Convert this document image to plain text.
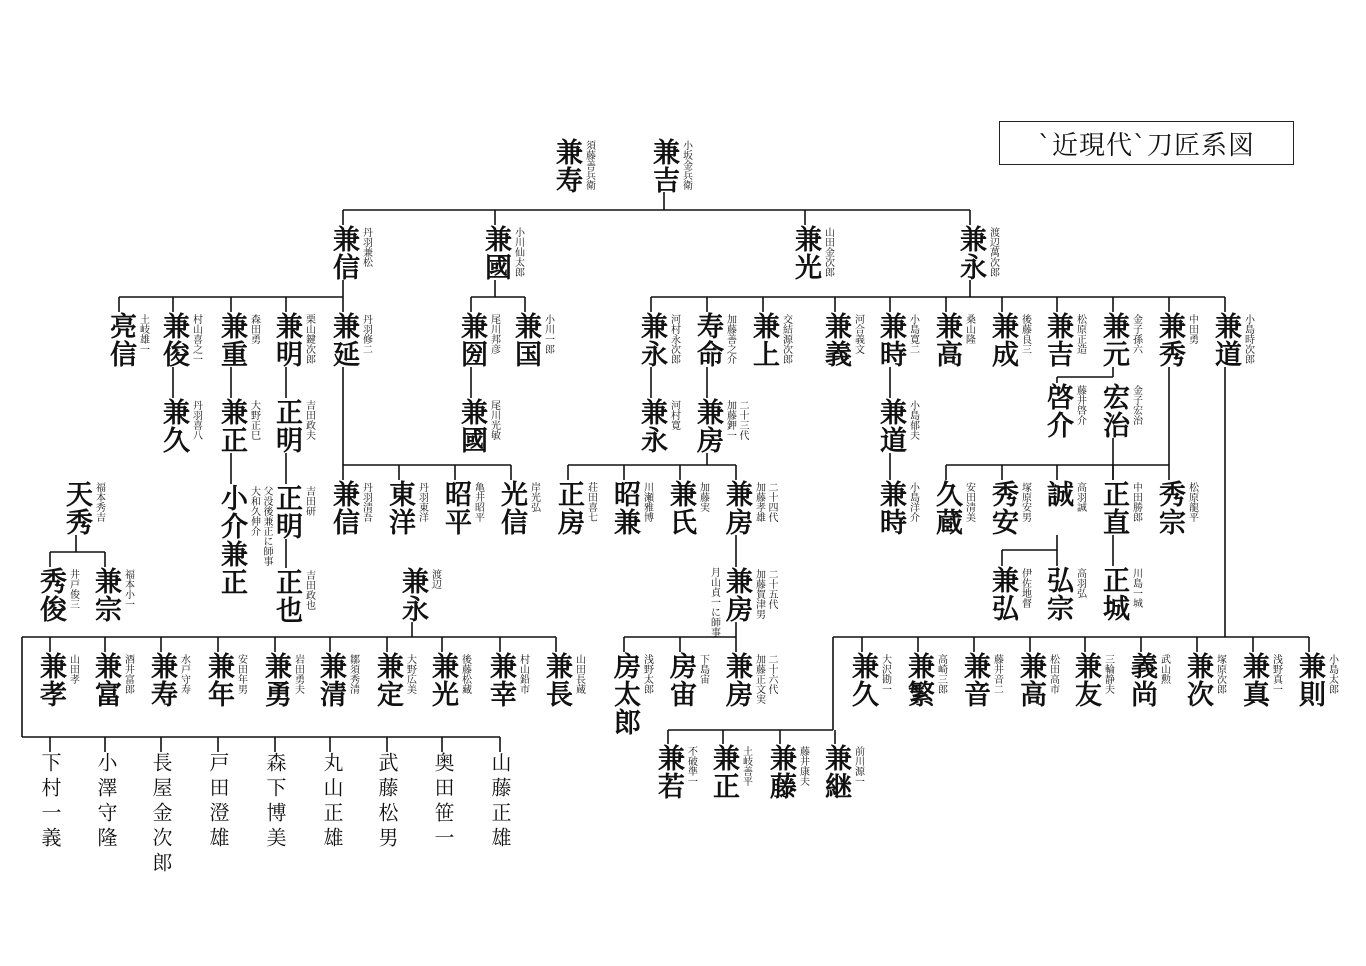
`近現代`刀匠系図
兼寿 須藤善兵衛 兼吉 小坂金兵衛
兼信 丹羽兼松	兼國 小川仙太郎	兼光 山田金次郎	兼永 渡辺萬次郎
亮信 土岐雄一 兼俊 村山喜之一
兼久 丹羽喜八
兼重 森田勇
兼正 大野正巳
小介兼正 大和久伸介 父没後兼正に師事
兼明 栗山鍵次郎
正明 吉田政夫
正明 吉田研
正也 吉田政也
兼延 丹羽修二
兼信 丹羽清吾 東洋 丹羽東洋 昭平 亀井昭平 光信 岸光弘
兼圀 尾川邦彦
兼國 尾川光敏
兼国 小川一郎
天秀 福本秀吉
秀俊 井戸俊三 兼宗 福本小一
兼永 河村永次郎
兼永 河村寛
寿命 加藤善之介
兼房 加藤鉀一 二十三代
兼房 加藤孝雄 二十四代
兼房 加藤賀津男 二十五代
兼房 加藤正文実 二十六代
正房 荘田喜七 昭兼 川瀬雅博 兼氏 加藤実
房太郎 浅野太郎 房宙 下島宙
兼永 渡辺
兼孝 山田孝 兼富 酒井富郎 兼寿 水戸守寿 兼年 安田年男 兼勇 岩田勇夫 兼清 鄒須秀清 兼定 大野広美 兼光 後藤松藏 兼幸 村山鉛市 兼長 山田長蔵
兼上 交結源次郎 兼義 河合義文 兼時 小島寛二
兼道 小島郁夫
兼時 小島洋介
兼高 桑山隆 兼成 後藤良三 兼吉 松原正造 兼元 金子孫六
啓介 藤井啓介 宏治 金子宏治
兼秀 中田勇 兼道 小島時次郎
久蔵 安田清美 秀安 塚原安男 誠 高羽誠 正直 中田勝郎 秀宗 松原龍平
兼弘 伊佐地督 弘宗 高羽弘 正城 川島一城
兼久 大沢勘一 兼繁 高崎三郎 兼音 藤井音二 兼高 松田高市 兼友 三輪静夫 義尚 武山勲 兼次 塚原次郎 兼真 浅野真一 兼則 小島太郎
兼若 不破準一 兼正 土岐善平 兼藤 藤井康夫 兼継 前川源一
下村一義 小澤守隆 長屋金次郎 戸田澄雄 森下博美 丸山正雄 武藤松男 奥田笹一 山藤正雄
月山貞一に師事
